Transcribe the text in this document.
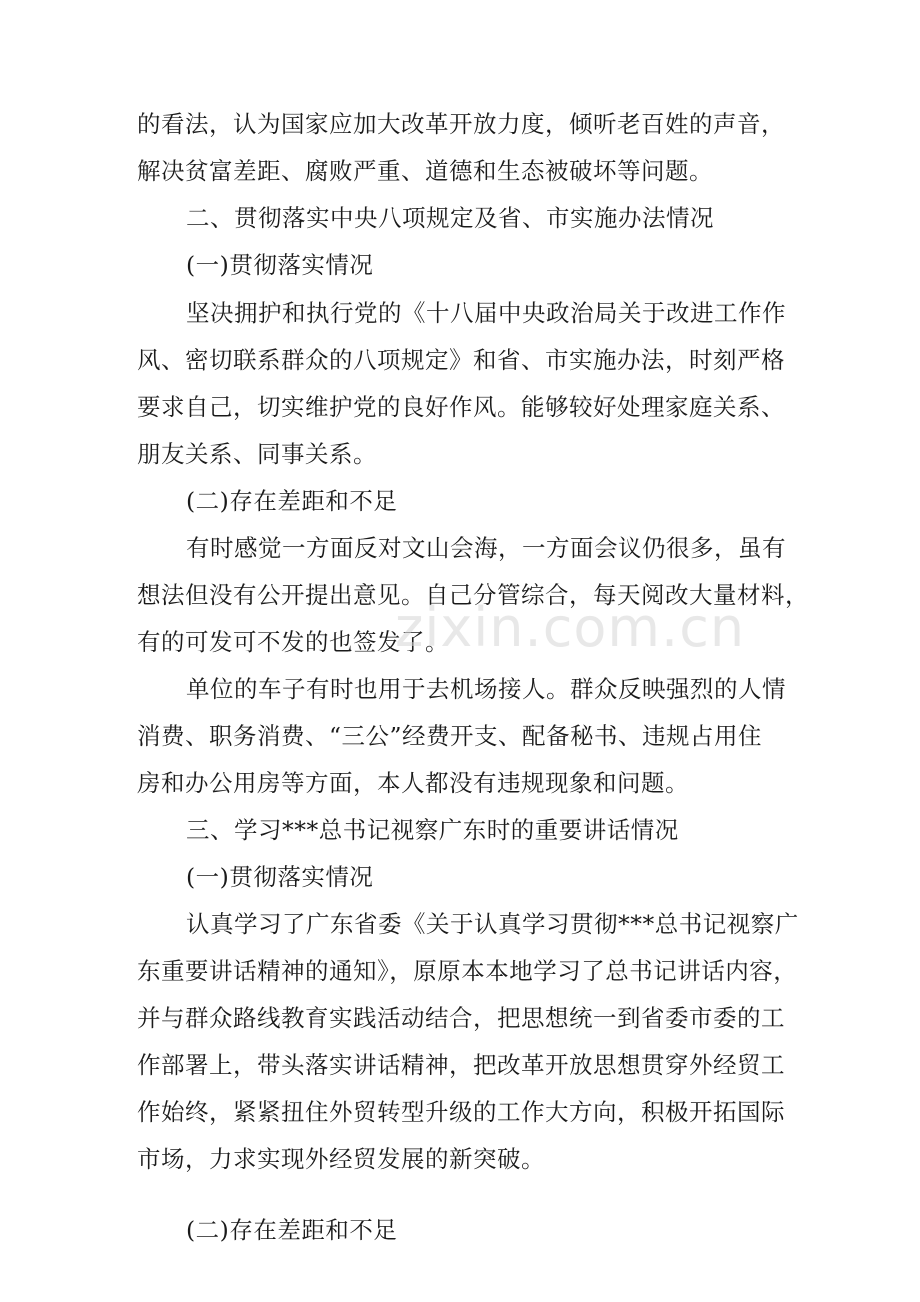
的看法，认为国家应加大改革开放力度，倾听老百姓的声音，
解决贫富差距、腐败严重、道德和生态被破坏等问题。
二、贯彻落实中央八项规定及省、市实施办法情况
(一)贯彻落实情况
坚决拥护和执行党的《十八届中央政治局关于改进工作作
风、密切联系群众的八项规定》和省、市实施办法，时刻严格
要求自己，切实维护党的良好作风。能够较好处理家庭关系、
朋友关系、同事关系。
(二)存在差距和不足
有时感觉一方面反对文山会海，一方面会议仍很多，虽有
想法但没有公开提出意见。自己分管综合，每天阅改大量材料，
有的可发可不发的也签发了。
单位的车子有时也用于去机场接人。群众反映强烈的人情
消费、职务消费、“三公”经费开支、配备秘书、违规占用住
房和办公用房等方面，本人都没有违规现象和问题。
三、学习***总书记视察广东时的重要讲话情况
(一)贯彻落实情况
认真学习了广东省委《关于认真学习贯彻***总书记视察广
东重要讲话精神的通知》，原原本本地学习了总书记讲话内容，
并与群众路线教育实践活动结合，把思想统一到省委市委的工
作部署上，带头落实讲话精神，把改革开放思想贯穿外经贸工
作始终，紧紧扭住外贸转型升级的工作大方向，积极开拓国际
市场，力求实现外经贸发展的新突破。
(二)存在差距和不足
zixin.com.cn
